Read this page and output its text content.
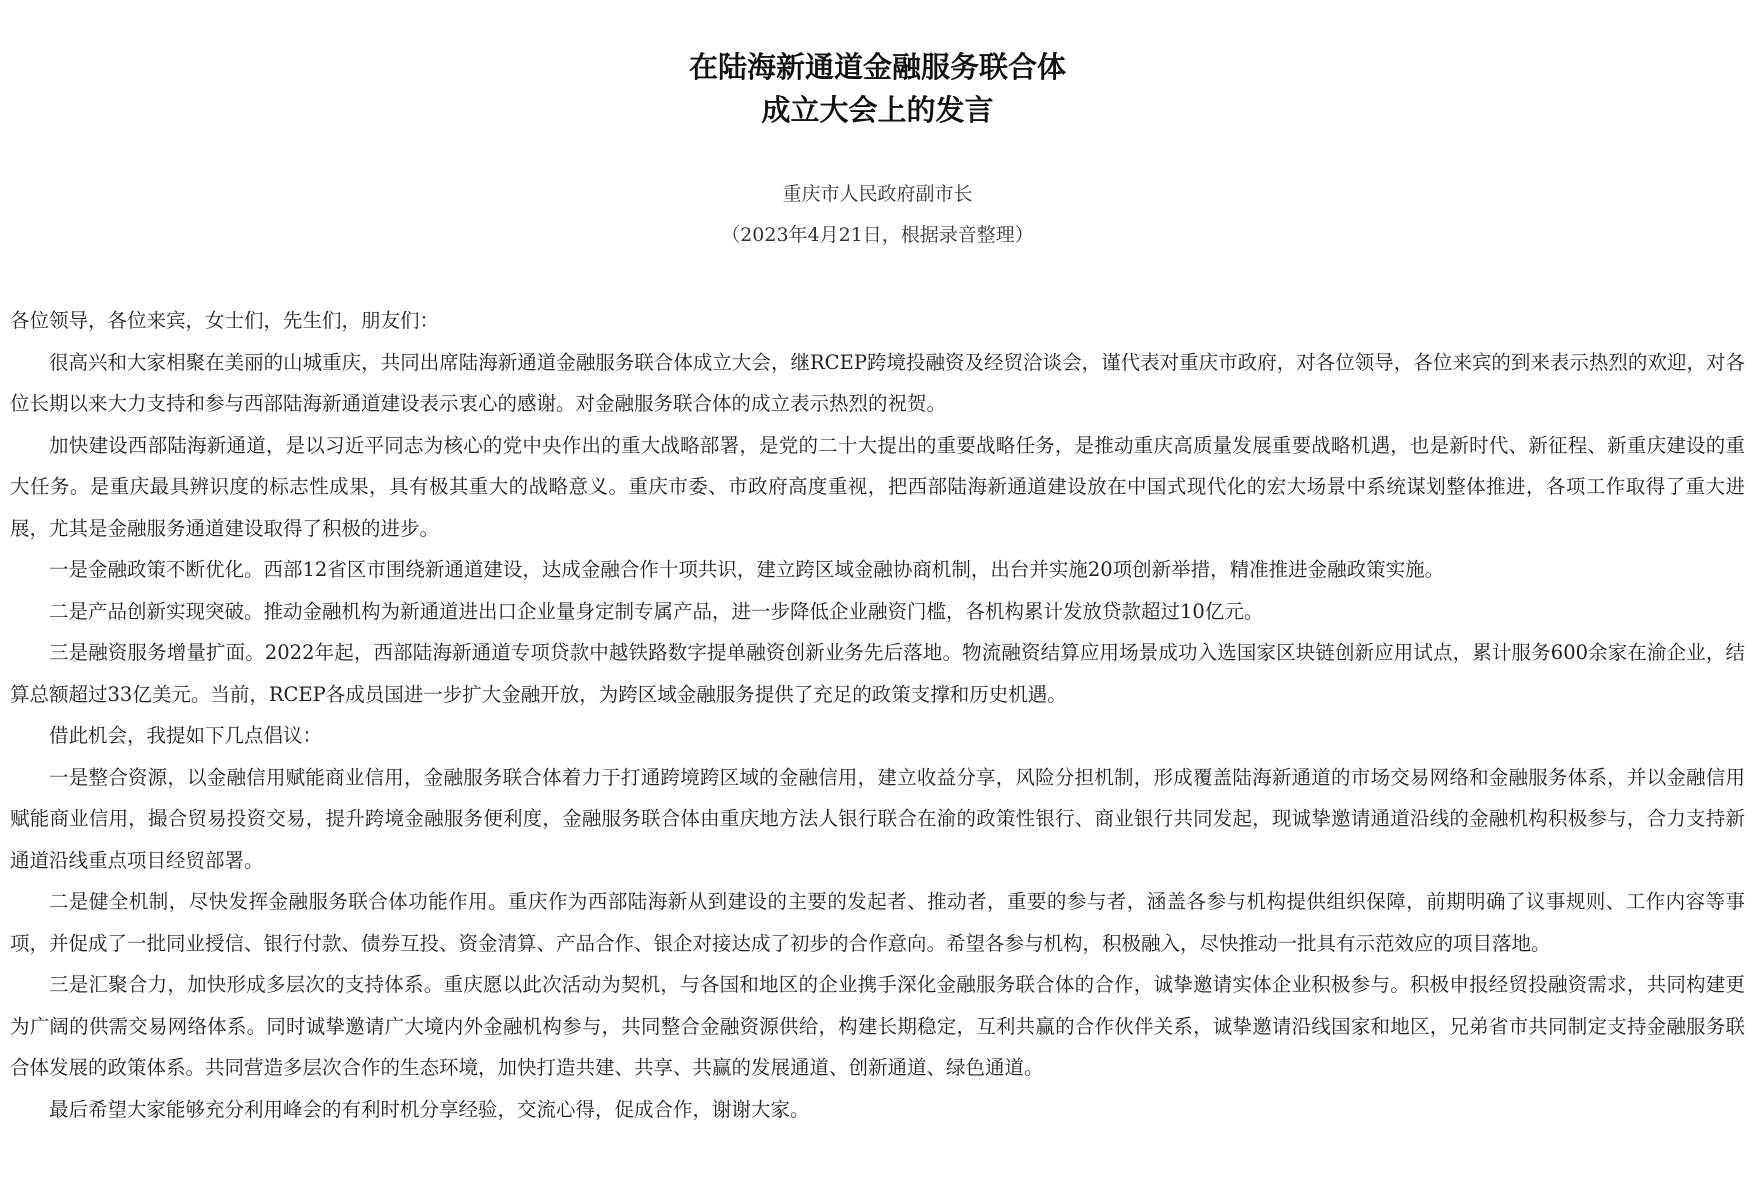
在陆海新通道金融服务联合体
成立大会上的发言
重庆市人民政府副市长
（2023年4月21日，根据录音整理）

各位领导，各位来宾，女士们，先生们，朋友们：

很高兴和大家相聚在美丽的山城重庆，共同出席陆海新通道金融服务联合体成立大会，继RCEP跨境投融资及经贸洽谈会，谨代表对重庆市政府，对各位领导，各位来宾的到来表示热烈的欢迎，对各位长期以来大力支持和参与西部陆海新通道建设表示衷心的感谢。对金融服务联合体的成立表示热烈的祝贺。

加快建设西部陆海新通道，是以习近平同志为核心的党中央作出的重大战略部署，是党的二十大提出的重要战略任务，是推动重庆高质量发展重要战略机遇，也是新时代、新征程、新重庆建设的重大任务。是重庆最具辨识度的标志性成果，具有极其重大的战略意义。重庆市委、市政府高度重视，把西部陆海新通道建设放在中国式现代化的宏大场景中系统谋划整体推进，各项工作取得了重大进展，尤其是金融服务通道建设取得了积极的进步。

一是金融政策不断优化。西部12省区市围绕新通道建设，达成金融合作十项共识，建立跨区域金融协商机制，出台并实施20项创新举措，精准推进金融政策实施。

二是产品创新实现突破。推动金融机构为新通道进出口企业量身定制专属产品，进一步降低企业融资门槛，各机构累计发放贷款超过10亿元。

三是融资服务增量扩面。2022年起，西部陆海新通道专项贷款中越铁路数字提单融资创新业务先后落地。物流融资结算应用场景成功入选国家区块链创新应用试点，累计服务600余家在渝企业，结算总额超过33亿美元。当前，RCEP各成员国进一步扩大金融开放，为跨区域金融服务提供了充足的政策支撑和历史机遇。

借此机会，我提如下几点倡议：

一是整合资源，以金融信用赋能商业信用，金融服务联合体着力于打通跨境跨区域的金融信用，建立收益分享，风险分担机制，形成覆盖陆海新通道的市场交易网络和金融服务体系，并以金融信用赋能商业信用，撮合贸易投资交易，提升跨境金融服务便利度，金融服务联合体由重庆地方法人银行联合在渝的政策性银行、商业银行共同发起，现诚挚邀请通道沿线的金融机构积极参与，合力支持新通道沿线重点项目经贸部署。

二是健全机制，尽快发挥金融服务联合体功能作用。重庆作为西部陆海新从到建设的主要的发起者、推动者，重要的参与者，涵盖各参与机构提供组织保障，前期明确了议事规则、工作内容等事项，并促成了一批同业授信、银行付款、债券互投、资金清算、产品合作、银企对接达成了初步的合作意向。希望各参与机构，积极融入，尽快推动一批具有示范效应的项目落地。

三是汇聚合力，加快形成多层次的支持体系。重庆愿以此次活动为契机，与各国和地区的企业携手深化金融服务联合体的合作，诚挚邀请实体企业积极参与。积极申报经贸投融资需求，共同构建更为广阔的供需交易网络体系。同时诚挚邀请广大境内外金融机构参与，共同整合金融资源供给，构建长期稳定，互利共赢的合作伙伴关系，诚挚邀请沿线国家和地区，兄弟省市共同制定支持金融服务联合体发展的政策体系。共同营造多层次合作的生态环境，加快打造共建、共享、共赢的发展通道、创新通道、绿色通道。

最后希望大家能够充分利用峰会的有利时机分享经验，交流心得，促成合作，谢谢大家。
